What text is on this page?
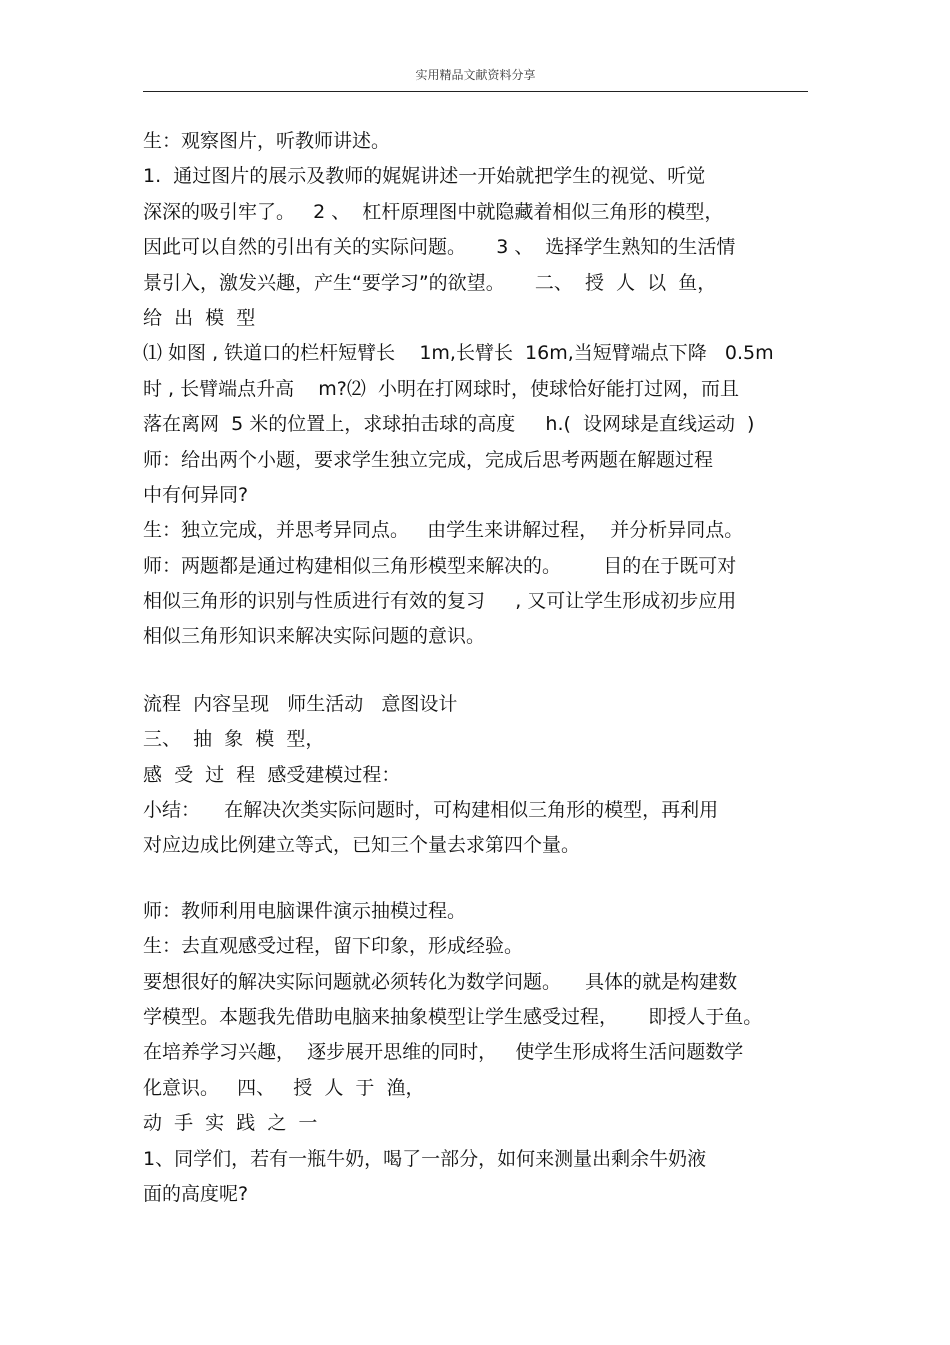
实用精品文献资料分享
生：观察图片，听教师讲述。
1.  通过图片的展示及教师的娓娓讲述一开始就把学生的视觉、听觉
深深的吸引牢了。   2 、  杠杆原理图中就隐藏着相似三角形的模型，
因此可以自然的引出有关的实际问题。     3 、  选择学生熟知的生活情
景引入，激发兴趣，产生“要学习”的欲望。     二、  授  人  以  鱼，
给  出  模  型
⑴ 如图 , 铁道口的栏杆短臂长    1m,长臂长  16m,当短臂端点下降   0.5m
时 , 长臂端点升高    m?⑵  小明在打网球时，使球恰好能打过网，而且
落在离网  5 米的位置上，求球拍击球的高度     h.(  设网球是直线运动  )
师：给出两个小题，要求学生独立完成，完成后思考两题在解题过程
中有何异同?
生：独立完成，并思考异同点。   由学生来讲解过程，  并分析异同点。
师：两题都是通过构建相似三角形模型来解决的。       目的在于既可对
相似三角形的识别与性质进行有效的复习     , 又可让学生形成初步应用
相似三角形知识来解决实际问题的意识。
流程  内容呈现   师生活动   意图设计
三、  抽  象  模  型，
感  受  过  程  感受建模过程：
小结：    在解决次类实际问题时，可构建相似三角形的模型，再利用
对应边成比例建立等式，已知三个量去求第四个量。
师：教师利用电脑课件演示抽模过程。
生：去直观感受过程，留下印象，形成经验。
要想很好的解决实际问题就必须转化为数学问题。    具体的就是构建数
学模型。本题我先借助电脑来抽象模型让学生感受过程，     即授人于鱼。
在培养学习兴趣，  逐步展开思维的同时，   使学生形成将生活问题数学
化意识。   四、   授  人  于  渔，
动  手  实  践  之  一
1、同学们，若有一瓶牛奶，喝了一部分，如何来测量出剩余牛奶液
面的高度呢?
